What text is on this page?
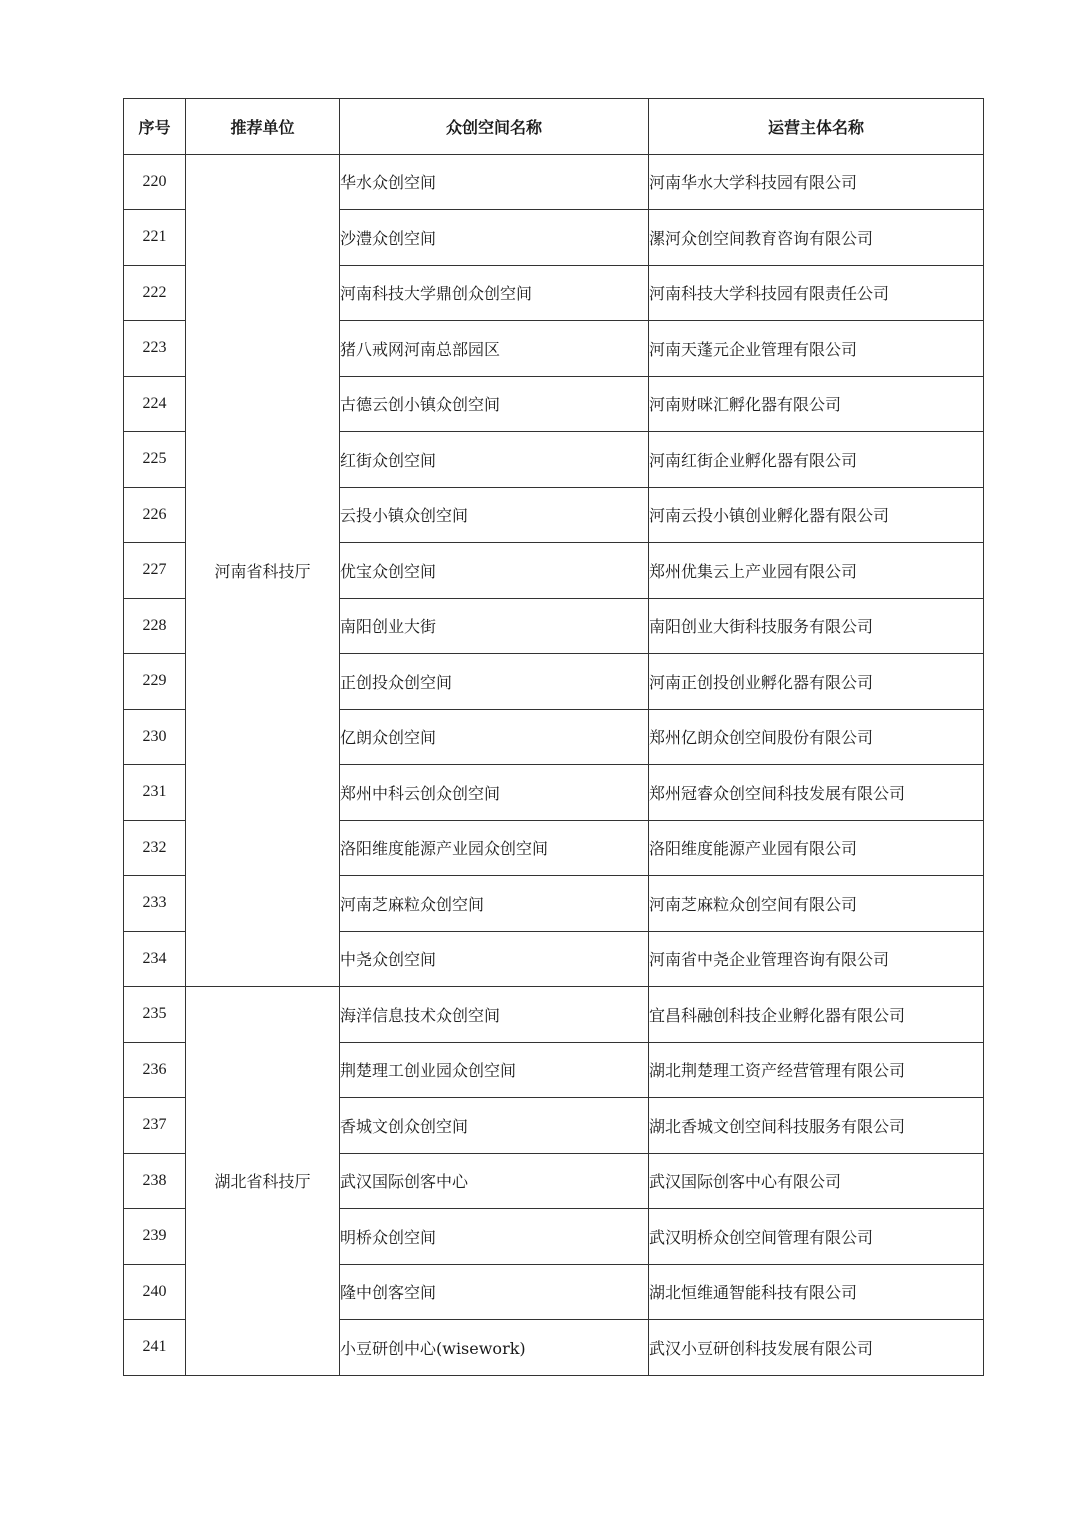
序号	推荐单位	众创空间名称	运营主体名称
220	河南省科技厅	华水众创空间	河南华水大学科技园有限公司
221		沙澧众创空间	漯河众创空间教育咨询有限公司
222		河南科技大学鼎创众创空间	河南科技大学科技园有限责任公司
223		猪八戒网河南总部园区	河南天蓬元企业管理有限公司
224		古德云创小镇众创空间	河南财咪汇孵化器有限公司
225		红街众创空间	河南红街企业孵化器有限公司
226		云投小镇众创空间	河南云投小镇创业孵化器有限公司
227		优宝众创空间	郑州优集云上产业园有限公司
228		南阳创业大街	南阳创业大街科技服务有限公司
229		正创投众创空间	河南正创投创业孵化器有限公司
230		亿朗众创空间	郑州亿朗众创空间股份有限公司
231		郑州中科云创众创空间	郑州冠睿众创空间科技发展有限公司
232		洛阳维度能源产业园众创空间	洛阳维度能源产业园有限公司
233		河南芝麻粒众创空间	河南芝麻粒众创空间有限公司
234		中尧众创空间	河南省中尧企业管理咨询有限公司
235	湖北省科技厅	海洋信息技术众创空间	宜昌科融创科技企业孵化器有限公司
236		荆楚理工创业园众创空间	湖北荆楚理工资产经营管理有限公司
237		香城文创众创空间	湖北香城文创空间科技服务有限公司
238		武汉国际创客中心	武汉国际创客中心有限公司
239		明桥众创空间	武汉明桥众创空间管理有限公司
240		隆中创客空间	湖北恒维通智能科技有限公司
241		小豆研创中心(wisework)	武汉小豆研创科技发展有限公司
